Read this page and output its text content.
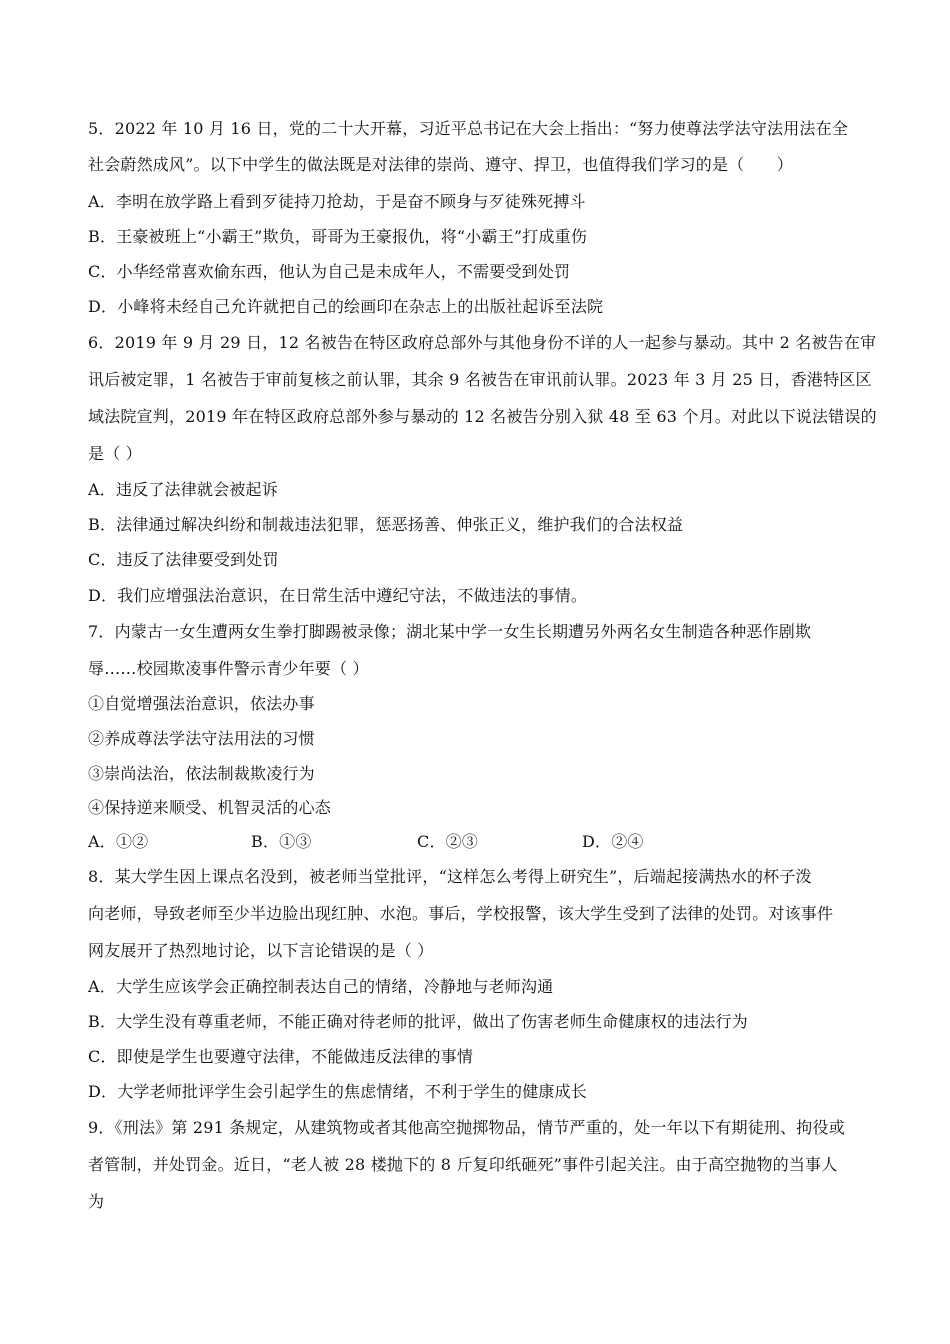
5．2022 年 10 月 16 日，党的二十大开幕，习近平总书记在大会上指出：“努力使尊法学法守法用法在全
社会蔚然成风”。以下中学生的做法既是对法律的崇尚、遵守、捍卫，也值得我们学习的是（　　）
A．李明在放学路上看到歹徒持刀抢劫，于是奋不顾身与歹徒殊死搏斗
B．王豪被班上“小霸王”欺负，哥哥为王豪报仇，将“小霸王”打成重伤
C．小华经常喜欢偷东西，他认为自己是未成年人，不需要受到处罚
D．小峰将未经自己允许就把自己的绘画印在杂志上的出版社起诉至法院
6．2019 年 9 月 29 日，12 名被告在特区政府总部外与其他身份不详的人一起参与暴动。其中 2 名被告在审
讯后被定罪，1 名被告于审前复核之前认罪，其余 9 名被告在审讯前认罪。2023 年 3 月 25 日，香港特区区
域法院宣判，2019 年在特区政府总部外参与暴动的 12 名被告分别入狱 48 至 63 个月。对此以下说法错误的
是（ ）
A．违反了法律就会被起诉
B．法律通过解决纠纷和制裁违法犯罪，惩恶扬善、伸张正义，维护我们的合法权益
C．违反了法律要受到处罚
D．我们应增强法治意识，在日常生活中遵纪守法，不做违法的事情。
7．内蒙古一女生遭两女生拳打脚踢被录像；湖北某中学一女生长期遭另外两名女生制造各种恶作剧欺
辱……校园欺凌事件警示青少年要（ ）
①自觉增强法治意识，依法办事
②养成尊法学法守法用法的习惯
③崇尚法治，依法制裁欺凌行为
④保持逆来顺受、机智灵活的心态
A．①②	B．①③	C．②③	D．②④
8．某大学生因上课点名没到，被老师当堂批评，“这样怎么考得上研究生”，后端起接满热水的杯子泼
向老师，导致老师至少半边脸出现红肿、水泡。事后，学校报警，该大学生受到了法律的处罚。对该事件
网友展开了热烈地讨论，以下言论错误的是（ ）
A．大学生应该学会正确控制表达自己的情绪，冷静地与老师沟通
B．大学生没有尊重老师，不能正确对待老师的批评，做出了伤害老师生命健康权的违法行为
C．即使是学生也要遵守法律，不能做违反法律的事情
D．大学老师批评学生会引起学生的焦虑情绪，不利于学生的健康成长
9．《刑法》第 291 条规定，从建筑物或者其他高空抛掷物品，情节严重的，处一年以下有期徒刑、拘役或
者管制，并处罚金。近日，“老人被 28 楼抛下的 8 斤复印纸砸死”事件引起关注。由于高空抛物的当事人
为
